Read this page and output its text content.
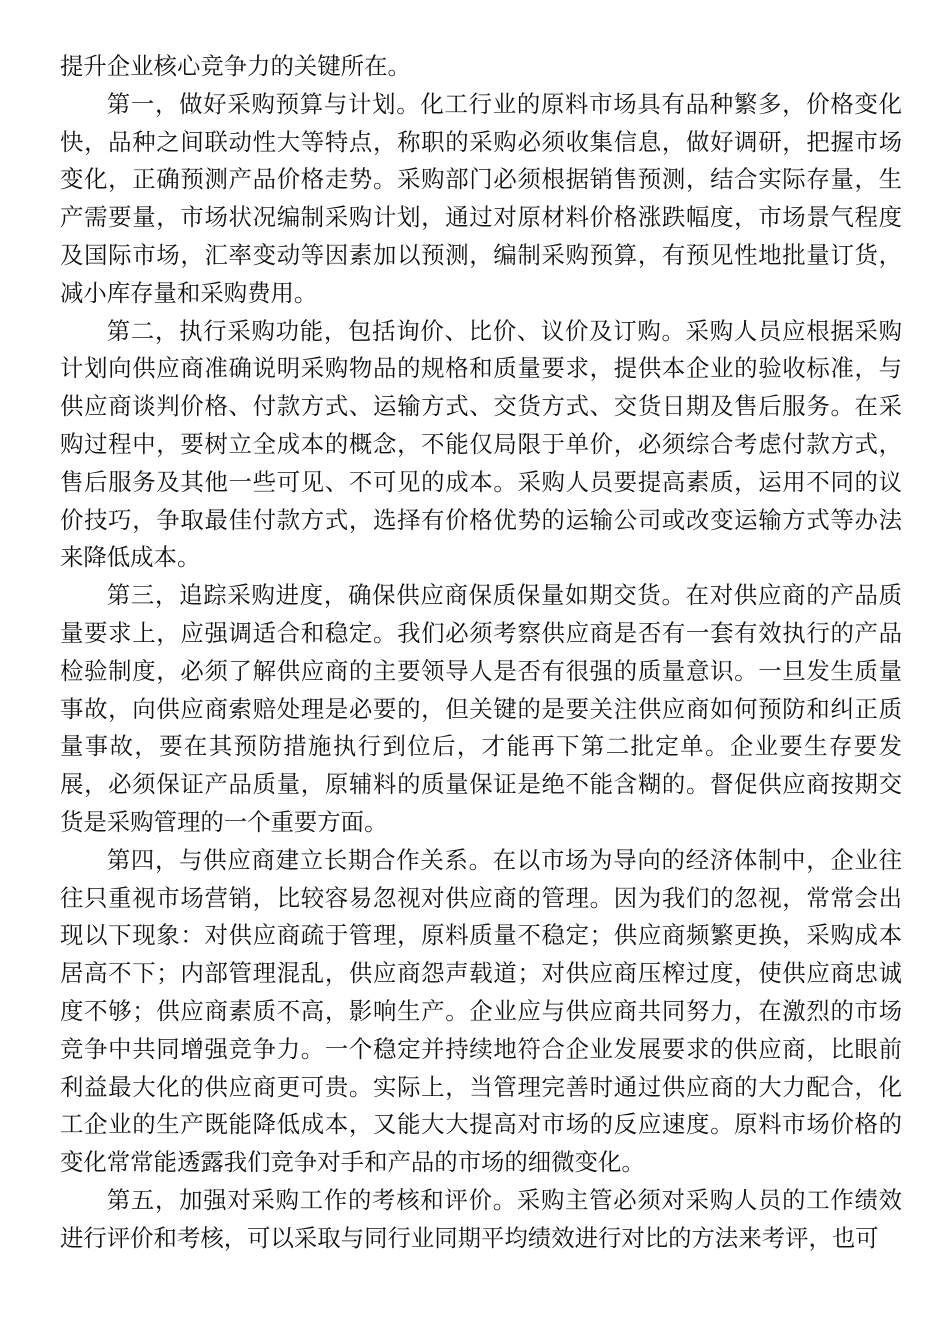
提升企业核心竞争力的关键所在。

第一，做好采购预算与计划。化工行业的原料市场具有品种繁多，价格变化快，品种之间联动性大等特点，称职的采购必须收集信息，做好调研，把握市场变化，正确预测产品价格走势。采购部门必须根据销售预测，结合实际存量，生产需要量，市场状况编制采购计划，通过对原材料价格涨跌幅度，市场景气程度及国际市场，汇率变动等因素加以预测，编制采购预算，有预见性地批量订货，减小库存量和采购费用。

第二，执行采购功能，包括询价、比价、议价及订购。采购人员应根据采购计划向供应商准确说明采购物品的规格和质量要求，提供本企业的验收标准，与供应商谈判价格、付款方式、运输方式、交货方式、交货日期及售后服务。在采购过程中，要树立全成本的概念，不能仅局限于单价，必须综合考虑付款方式，售后服务及其他一些可见、不可见的成本。采购人员要提高素质，运用不同的议价技巧，争取最佳付款方式，选择有价格优势的运输公司或改变运输方式等办法来降低成本。

第三，追踪采购进度，确保供应商保质保量如期交货。在对供应商的产品质量要求上，应强调适合和稳定。我们必须考察供应商是否有一套有效执行的产品检验制度，必须了解供应商的主要领导人是否有很强的质量意识。一旦发生质量事故，向供应商索赔处理是必要的，但关键的是要关注供应商如何预防和纠正质量事故，要在其预防措施执行到位后，才能再下第二批定单。企业要生存要发展，必须保证产品质量，原辅料的质量保证是绝不能含糊的。督促供应商按期交货是采购管理的一个重要方面。

第四，与供应商建立长期合作关系。在以市场为导向的经济体制中，企业往往只重视市场营销，比较容易忽视对供应商的管理。因为我们的忽视，常常会出现以下现象：对供应商疏于管理，原料质量不稳定；供应商频繁更换，采购成本居高不下；内部管理混乱，供应商怨声载道；对供应商压榨过度，使供应商忠诚度不够；供应商素质不高，影响生产。企业应与供应商共同努力，在激烈的市场竞争中共同增强竞争力。一个稳定并持续地符合企业发展要求的供应商，比眼前利益最大化的供应商更可贵。实际上，当管理完善时通过供应商的大力配合，化工企业的生产既能降低成本，又能大大提高对市场的反应速度。原料市场价格的变化常常能透露我们竞争对手和产品的市场的细微变化。

第五，加强对采购工作的考核和评价。采购主管必须对采购人员的工作绩效进行评价和考核，可以采取与同行业同期平均绩效进行对比的方法来考评，也可
